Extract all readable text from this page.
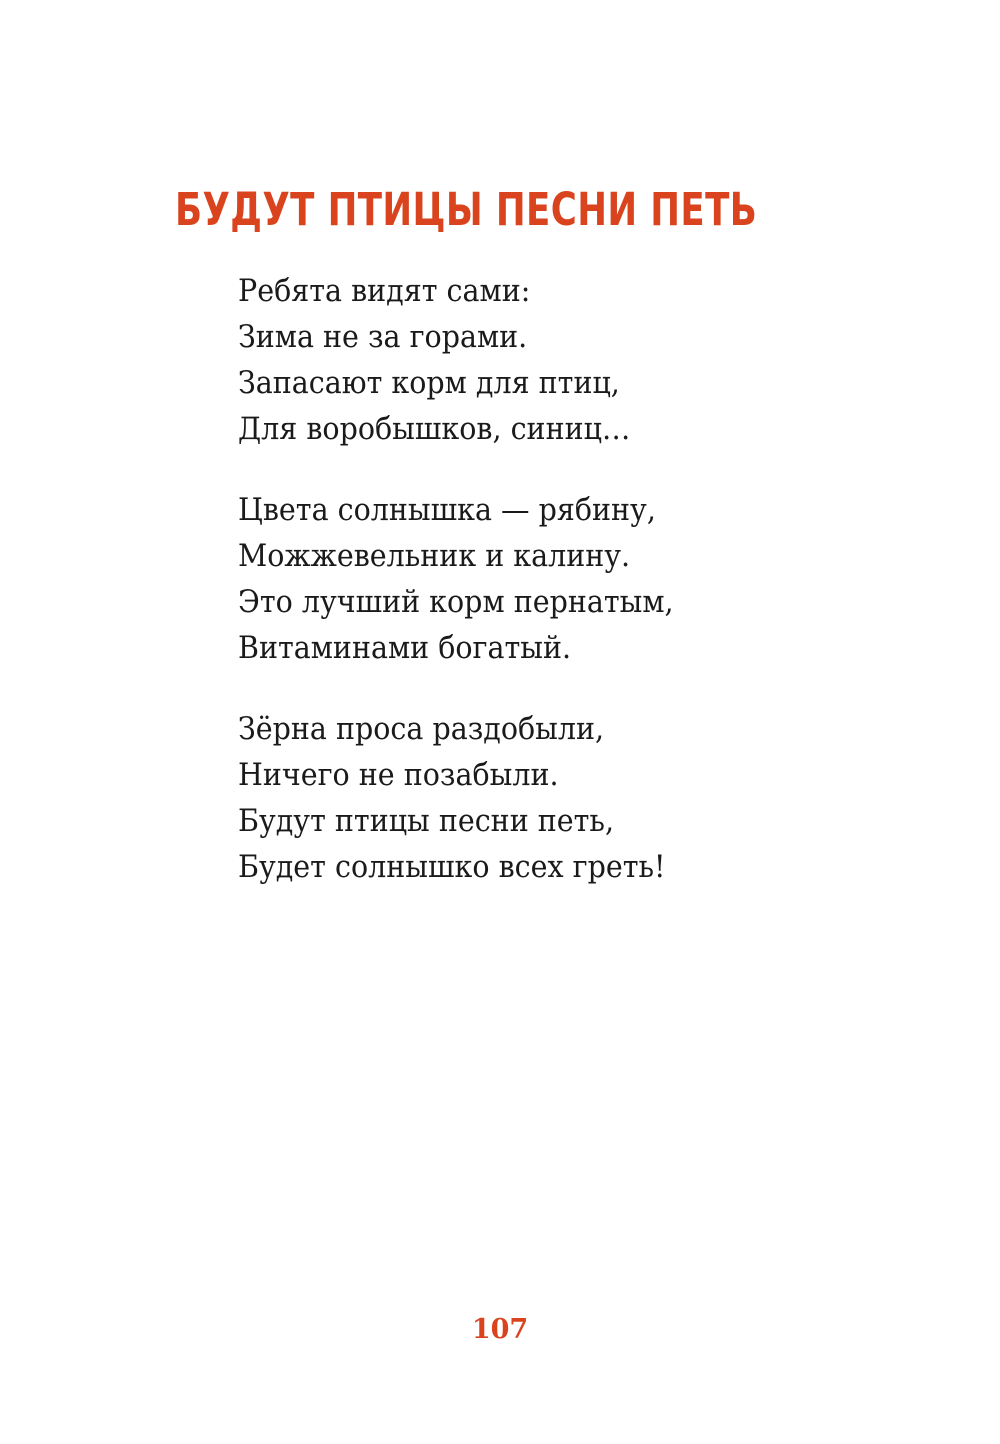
БУДУТ ПТИЦЫ ПЕСНИ ПЕТЬ
Ребята видят сами:
Зима не за горами.
Запасают корм для птиц,
Для воробышков, синиц…
Цвета солнышка — рябину,
Можжевельник и калину.
Это лучший корм пернатым,
Витаминами богатый.
Зёрна проса раздобыли,
Ничего не позабыли.
Будут птицы песни петь,
Будет солнышко всех греть!
107
